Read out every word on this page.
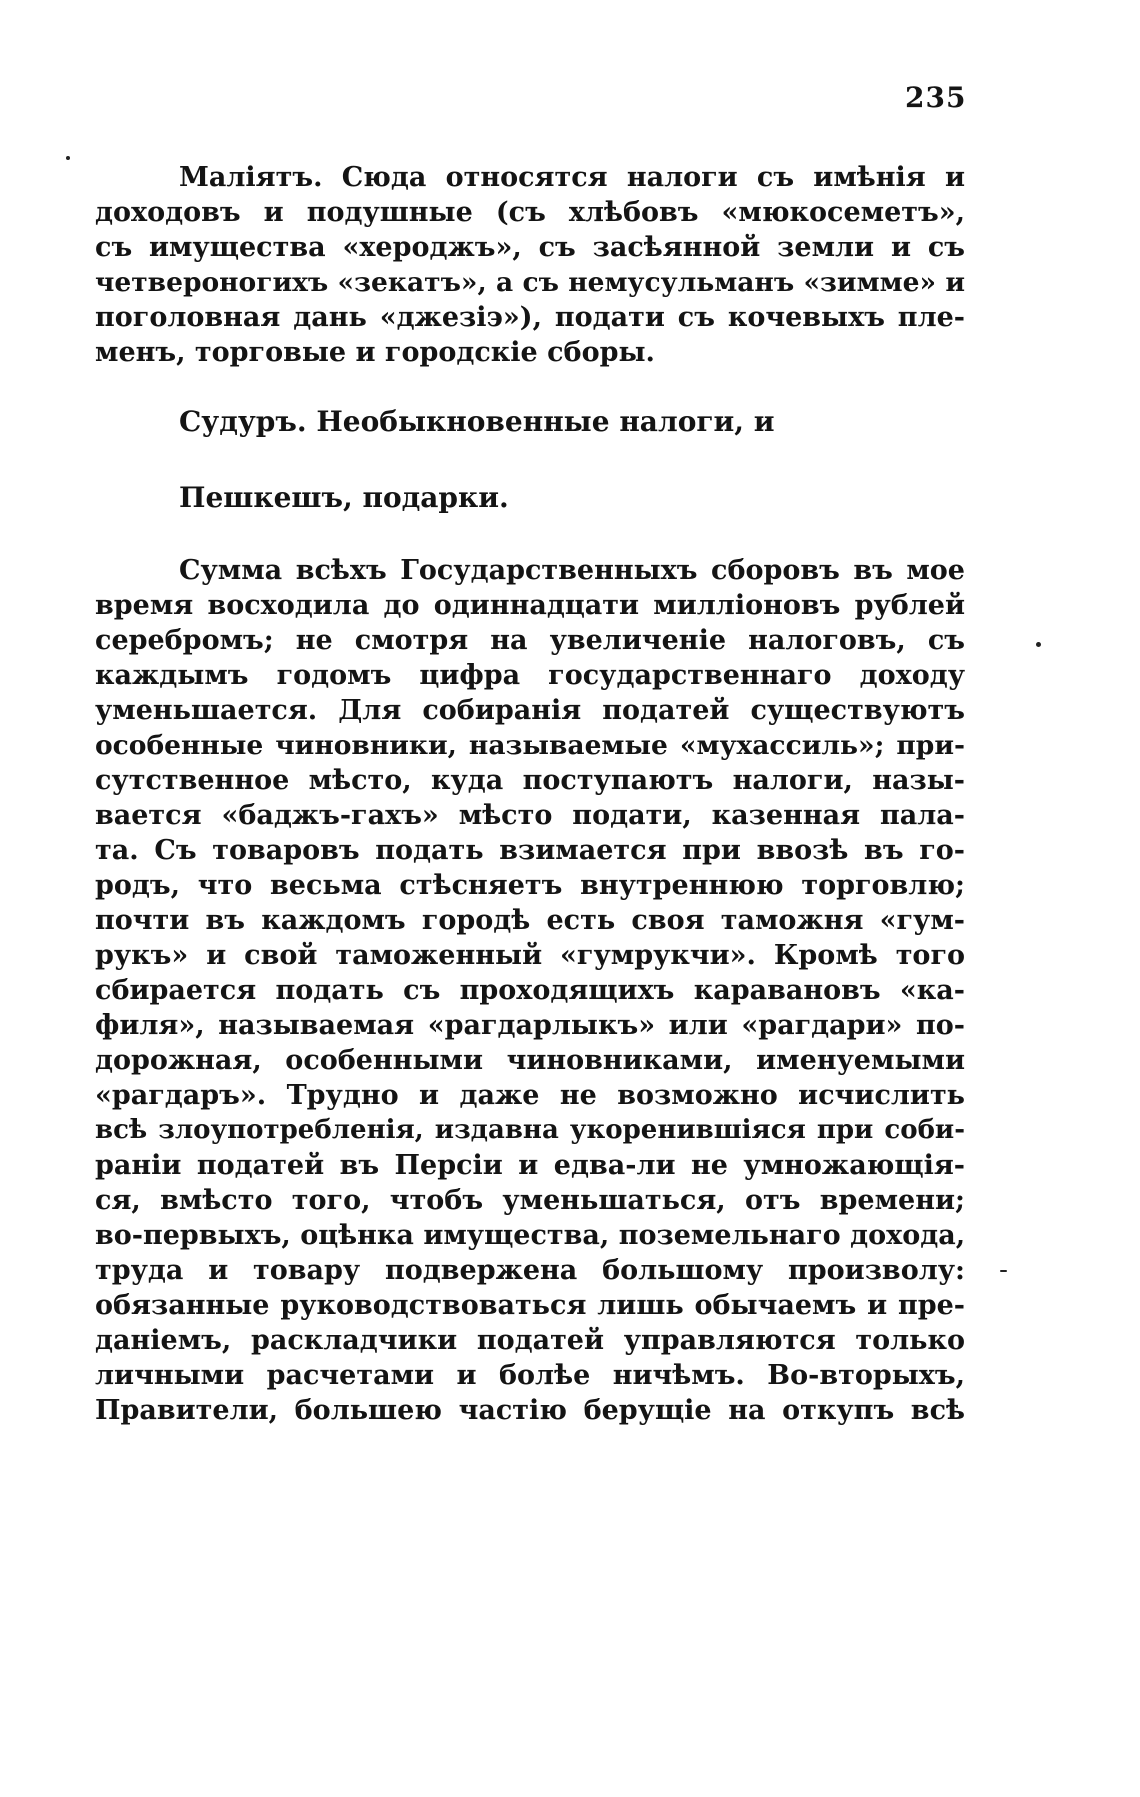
235
Маліятъ. Сюда относятся налоги съ имѣнія и
доходовъ и подушные (съ хлѣбовъ «мюкосеметъ»,
съ имущества «хероджъ», съ засѣянной земли и съ
четвероногихъ «зекатъ», а съ немусульманъ «зимме» и
поголовная дань «джезіэ»), подати съ кочевыхъ пле-
менъ, торговые и городскіе сборы.
Судуръ. Необыкновенные налоги, и
Пешкешъ, подарки.
Сумма всѣхъ Государственныхъ сборовъ въ мое
время восходила до одиннадцати милліоновъ рублей
серебромъ; не смотря на увеличеніе налоговъ, съ
каждымъ годомъ цифра государственнаго доходу
уменьшается. Для собиранія податей существуютъ
особенные чиновники, называемые «мухассиль»; при-
сутственное мѣсто, куда поступаютъ налоги, назы-
вается «баджъ-гахъ» мѣсто подати, казенная пала-
та. Съ товаровъ подать взимается при ввозѣ въ го-
родъ, что весьма стѣсняетъ внутреннюю торговлю;
почти въ каждомъ городѣ есть своя таможня «гум-
рукъ» и свой таможенный «гумрукчи». Кромѣ того
сбирается подать съ проходящихъ каравановъ «ка-
филя», называемая «рагдарлыкъ» или «рагдари» по-
дорожная, особенными чиновниками, именуемыми
«рагдаръ». Трудно и даже не возможно исчислить
всѣ злоупотребленія, издавна укоренившіяся при соби-
раніи податей въ Персіи и едва-ли не умножающія-
ся, вмѣсто того, чтобъ уменьшаться, отъ времени;
во-первыхъ, оцѣнка имущества, поземельнаго дохода,
труда и товару подвержена большому произволу:
обязанные руководствоваться лишь обычаемъ и пре-
даніемъ, раскладчики податей управляются только
личными расчетами и болѣе ничѣмъ. Во-вторыхъ,
Правители, большею частію берущіе на откупъ всѣ
